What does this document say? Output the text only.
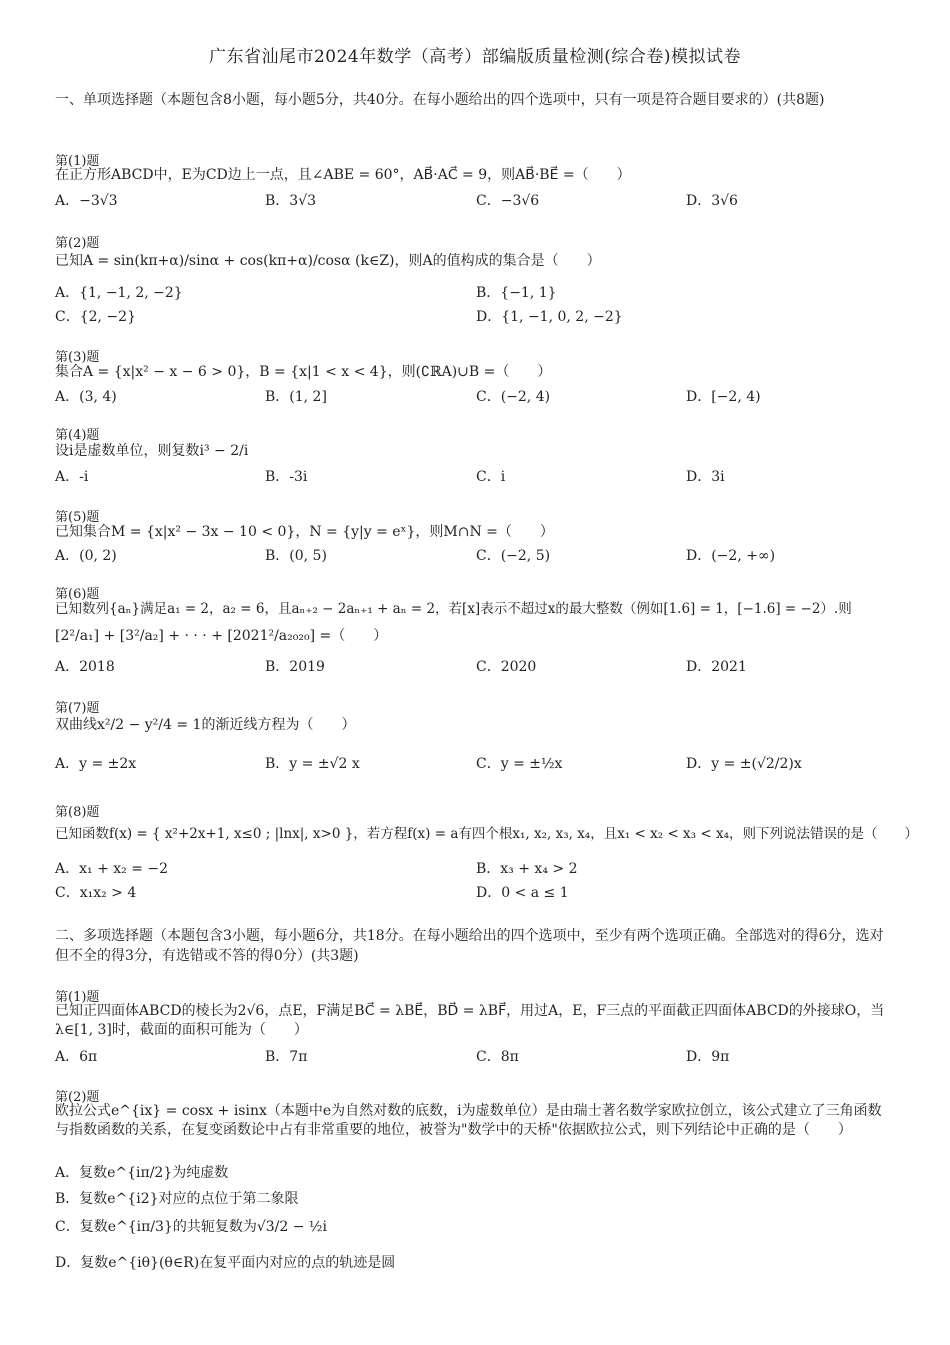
广东省汕尾市2024年数学（高考）部编版质量检测(综合卷)模拟试卷
一、单项选择题（本题包含8小题，每小题5分，共40分。在每小题给出的四个选项中，只有一项是符合题目要求的）(共8题)
第(1)题
在正方形ABCD中，E为CD边上一点，且∠ABE = 60°，AB⃗·AC⃗ = 9，则AB⃗·BE⃗ =（　　）
A．−3√3	B．3√3	C．−3√6	D．3√6
第(2)题
已知A = sin(kπ+α)/sinα + cos(kπ+α)/cosα (k∈Z)，则A的值构成的集合是（　　）
A．{1, −1, 2, −2}	B．{−1, 1}
C．{2, −2}	D．{1, −1, 0, 2, −2}
第(3)题
集合A = {x|x² − x − 6 > 0}，B = {x|1 < x < 4}，则(∁ℝA)∪B =（　　）
A．(3, 4)	B．(1, 2]	C．(−2, 4)	D．[−2, 4)
第(4)题
设i是虚数单位，则复数i³ − 2/i
A．-i	B．-3i	C．i	D．3i
第(5)题
已知集合M = {x|x² − 3x − 10 < 0}，N = {y|y = eˣ}，则M∩N =（　　）
A．(0, 2)	B．(0, 5)	C．(−2, 5)	D．(−2, +∞)
第(6)题
已知数列{aₙ}满足a₁ = 2，a₂ = 6，且aₙ₊₂ − 2aₙ₊₁ + aₙ = 2，若[x]表示不超过x的最大整数（例如[1.6] = 1，[−1.6] = −2）.则
[2²/a₁] + [3²/a₂] + · · · + [2021²/a₂₀₂₀] =（　　）
A．2018	B．2019	C．2020	D．2021
第(7)题
双曲线x²/2 − y²/4 = 1的渐近线方程为（　　）
A．y = ±2x	B．y = ±√2 x	C．y = ±½x	D．y = ±(√2/2)x
第(8)题
已知函数f(x) = { x²+2x+1, x≤0 ; |lnx|, x>0 }，若方程f(x) = a有四个根x₁, x₂, x₃, x₄，且x₁ < x₂ < x₃ < x₄，则下列说法错误的是（　　）
A．x₁ + x₂ = −2	B．x₃ + x₄ > 2
C．x₁x₂ > 4	D．0 < a ≤ 1
二、多项选择题（本题包含3小题，每小题6分，共18分。在每小题给出的四个选项中，至少有两个选项正确。全部选对的得6分，选对但不全的得3分，有选错或不答的得0分）(共3题)
第(1)题
已知正四面体ABCD的棱长为2√6，点E，F满足BC⃗ = λBE⃗，BD⃗ = λBF⃗，用过A，E，F三点的平面截正四面体ABCD的外接球O，当λ∈[1, 3]时，截面的面积可能为（　　）
A．6π	B．7π	C．8π	D．9π
第(2)题
欧拉公式e^{ix} = cosx + isinx（本题中e为自然对数的底数，i为虚数单位）是由瑞士著名数学家欧拉创立，该公式建立了三角函数与指数函数的关系，在复变函数论中占有非常重要的地位，被誉为"数学中的天桥"依据欧拉公式，则下列结论中正确的是（　　）
A．复数e^{iπ/2}为纯虚数
B．复数e^{i2}对应的点位于第二象限
C．复数e^{iπ/3}的共轭复数为√3/2 − ½i
D．复数e^{iθ}(θ∈R)在复平面内对应的点的轨迹是圆
